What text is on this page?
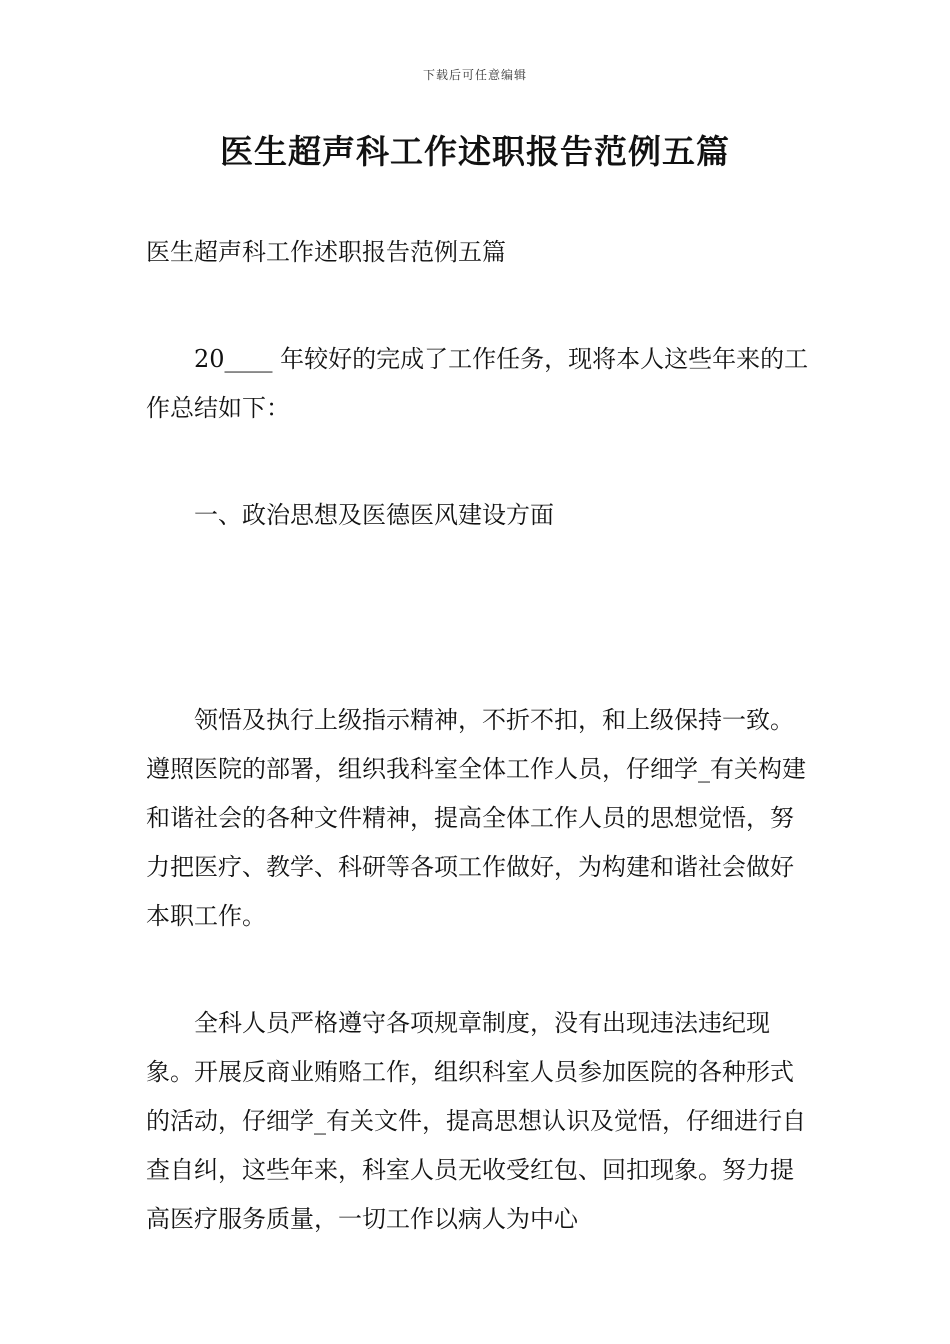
下载后可任意编辑
医生超声科工作述职报告范例五篇

医生超声科工作述职报告范例五篇

20____ 年较好的完成了工作任务，现将本人这些年来的工作总结如下：

一、政治思想及医德医风建设方面

领悟及执行上级指示精神，不折不扣，和上级保持一致。遵照医院的部署，组织我科室全体工作人员，仔细学_有关构建和谐社会的各种文件精神，提高全体工作人员的思想觉悟，努力把医疗、教学、科研等各项工作做好，为构建和谐社会做好本职工作。

全科人员严格遵守各项规章制度，没有出现违法违纪现象。开展反商业贿赂工作，组织科室人员参加医院的各种形式的活动，仔细学_有关文件，提高思想认识及觉悟，仔细进行自查自纠，这些年来，科室人员无收受红包、回扣现象。努力提高医疗服务质量，一切工作以病人为中心
